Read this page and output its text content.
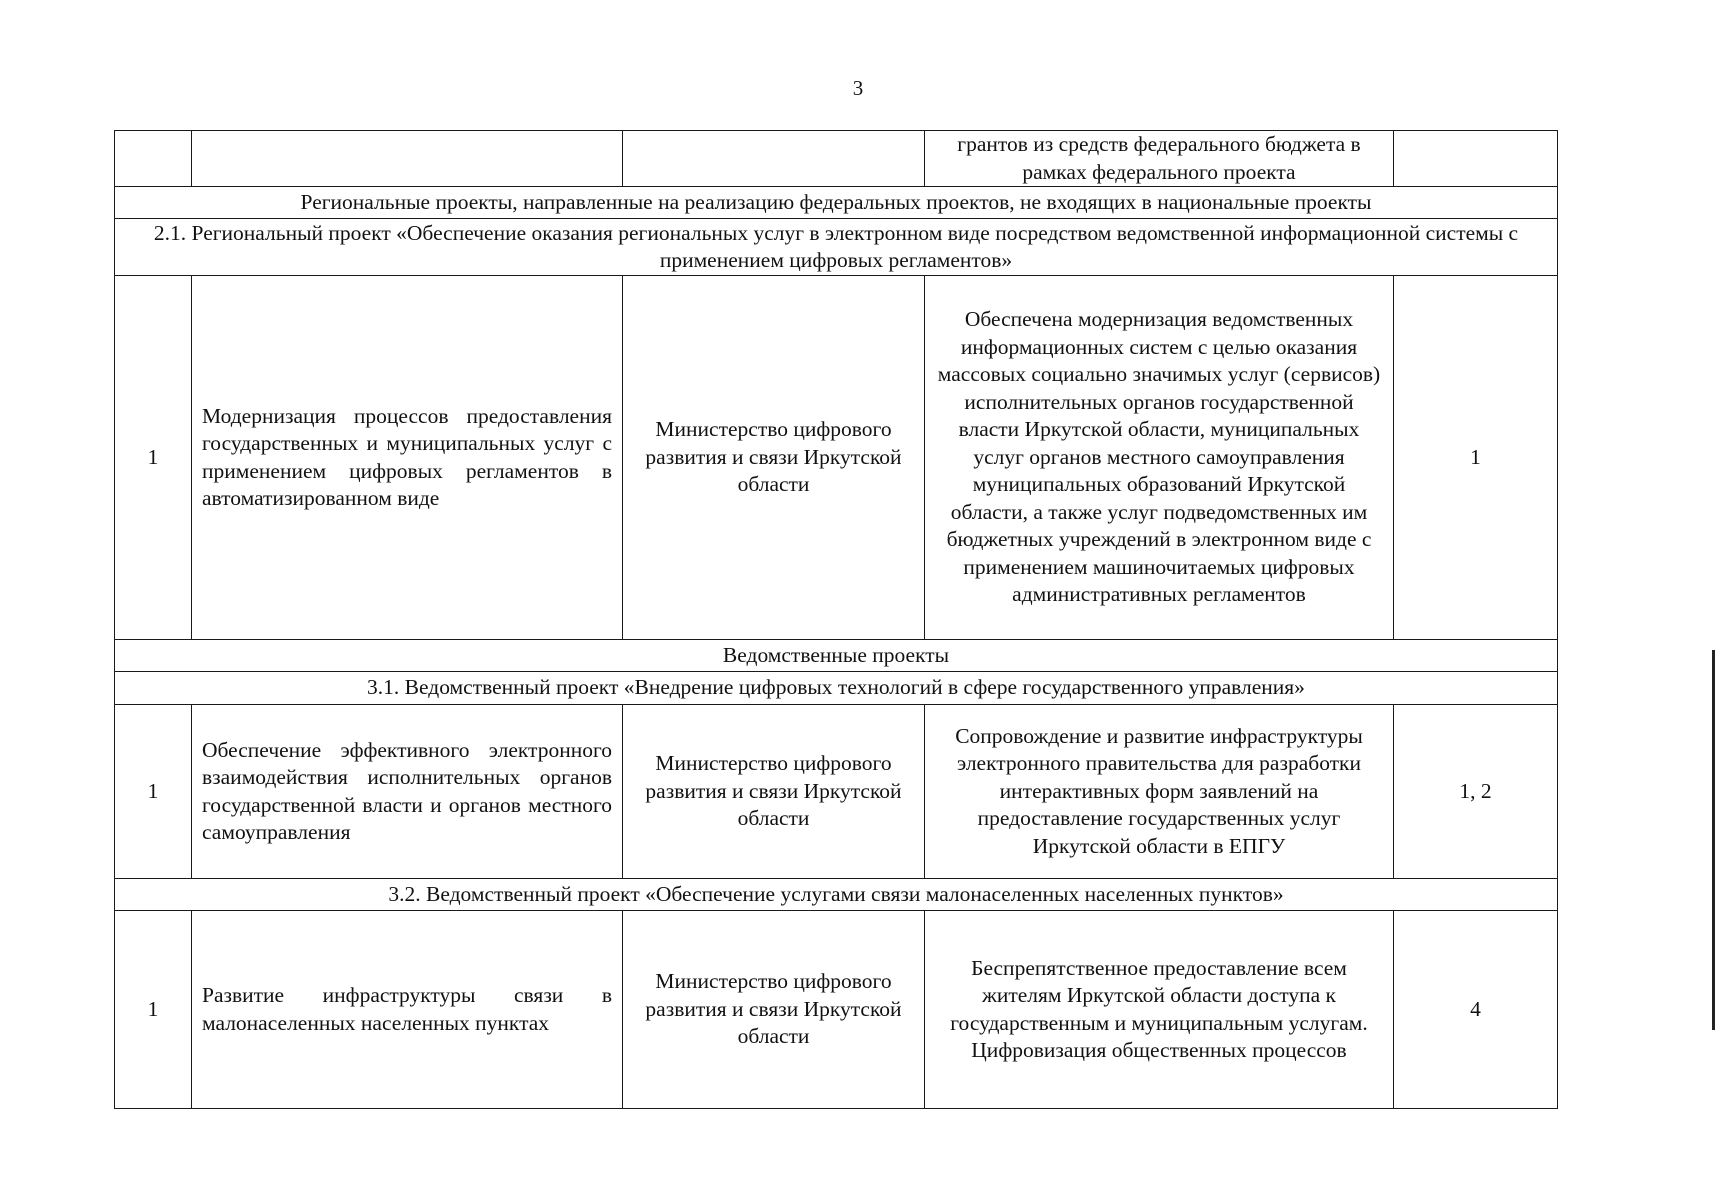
3
			грантов из средств федерального бюджета в рамках федерального проекта	
Региональные проекты, направленные на реализацию федеральных проектов, не входящих в национальные проекты				
2.1. Региональный проект «Обеспечение оказания региональных услуг в электронном виде посредством ведомственной информационной системы с применением цифровых регламентов»				
1	Модернизация процессов предоставления государственных и муниципальных услуг с применением цифровых регламентов в автоматизированном виде	Министерство цифрового развития и связи Иркутской области	Обеспечена модернизация ведомственных информационных систем с целью оказания массовых социально значимых услуг (сервисов) исполнительных органов государственной власти Иркутской области, муниципальных услуг органов местного самоуправления муниципальных образований Иркутской области, а также услуг подведомственных им бюджетных учреждений в электронном виде с применением машиночитаемых цифровых административных регламентов	1
Ведомственные проекты				
3.1. Ведомственный проект «Внедрение цифровых технологий в сфере государственного управления»				
1	Обеспечение эффективного электронного взаимодействия исполнительных органов государственной власти и органов местного самоуправления	Министерство цифрового развития и связи Иркутской области	Сопровождение и развитие инфраструктуры электронного правительства для разработки интерактивных форм заявлений на предоставление государственных услуг Иркутской области в ЕПГУ	1, 2
3.2. Ведомственный проект «Обеспечение услугами связи малонаселенных населенных пунктов»				
1	Развитие инфраструктуры связи в малонаселенных населенных пунктах	Министерство цифрового развития и связи Иркутской области	Беспрепятственное предоставление всем жителям Иркутской области доступа к государственным и муниципальным услугам. Цифровизация общественных процессов	4
